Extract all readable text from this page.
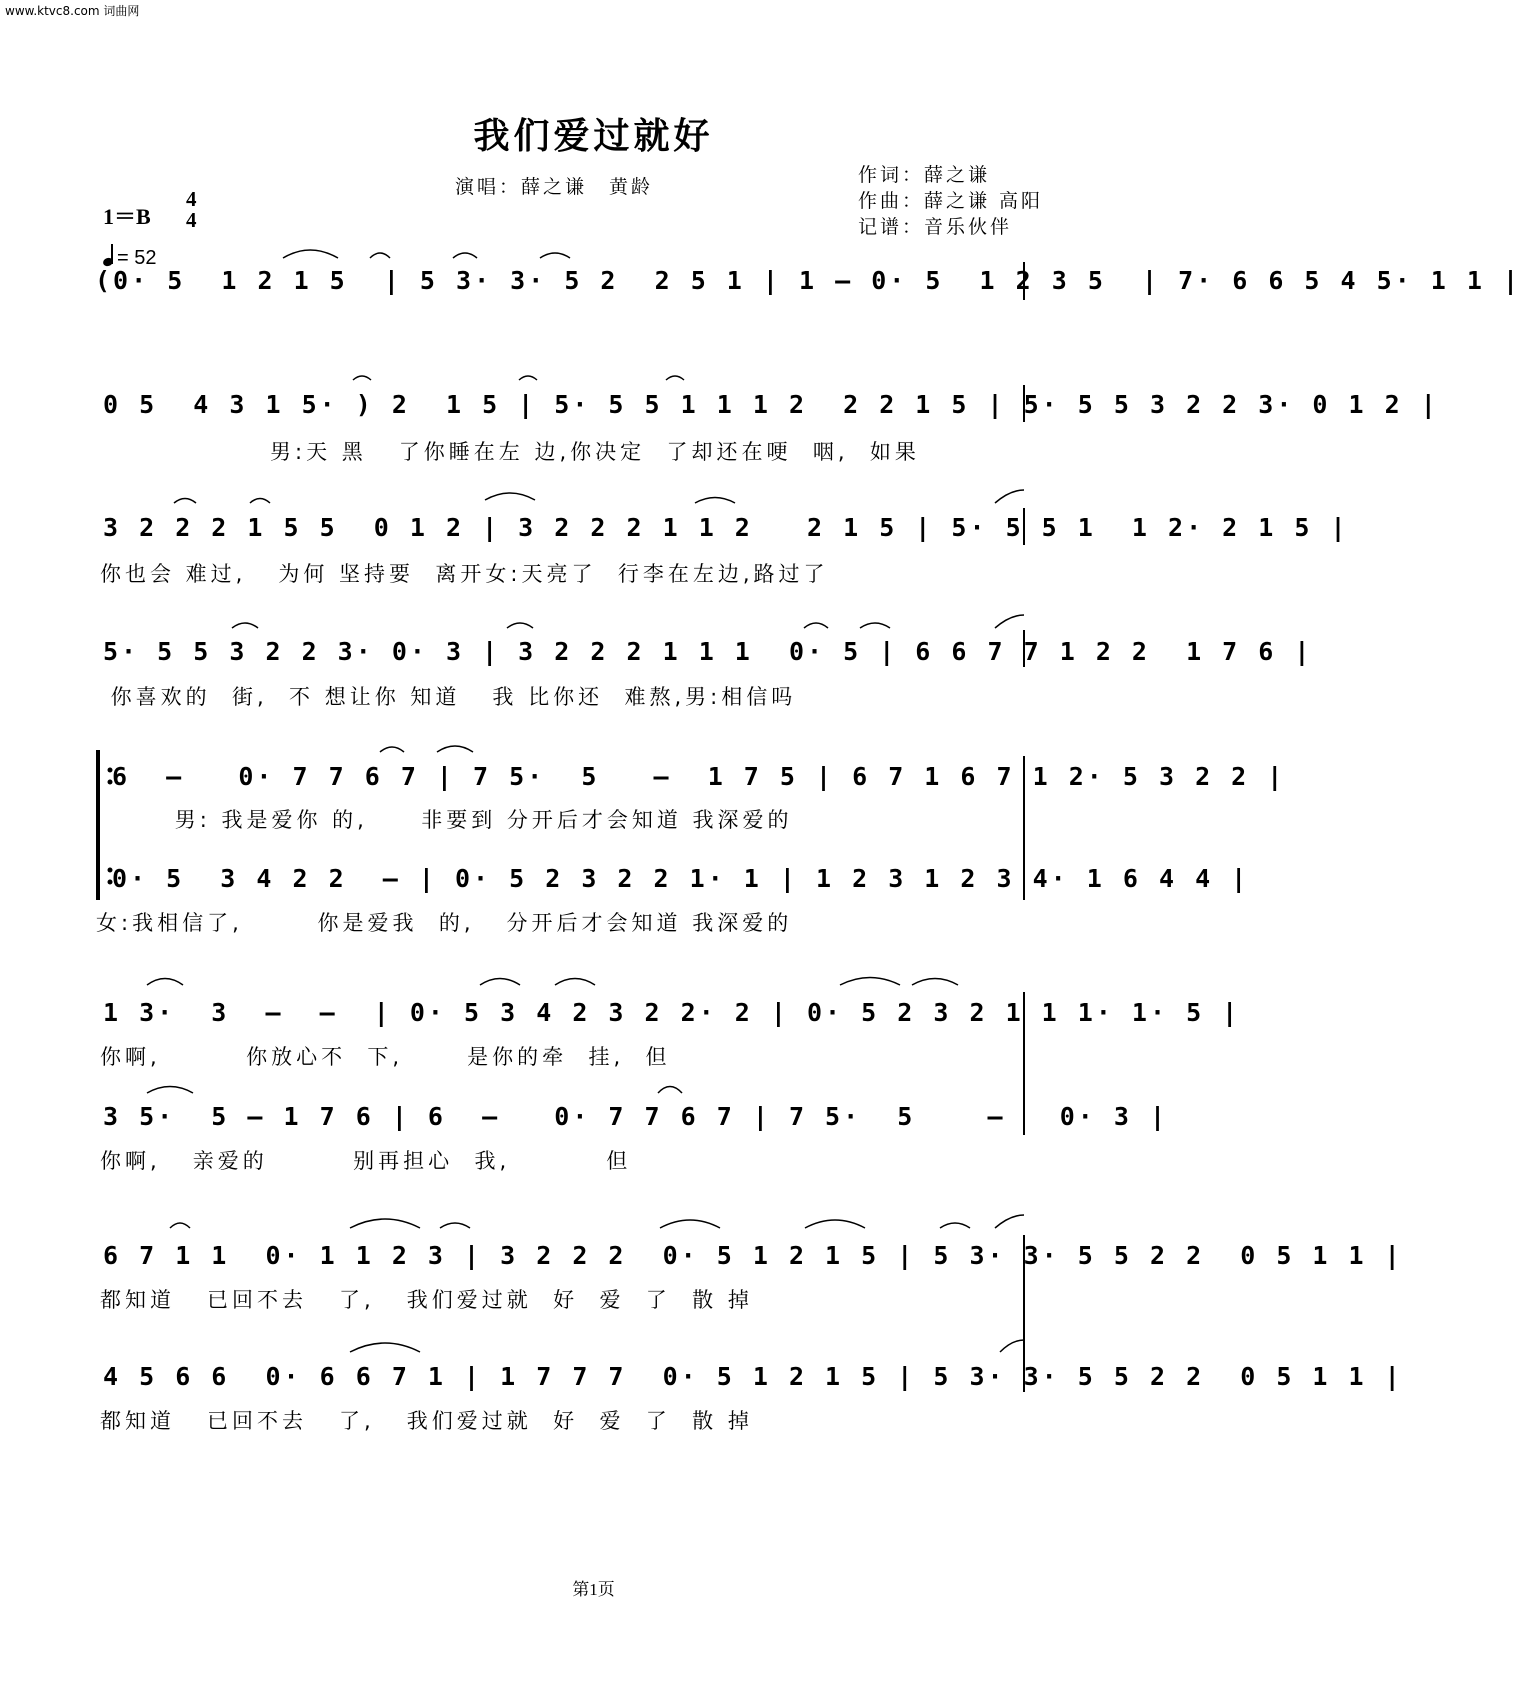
www.ktvc8.com 词曲网
我们爱过就好
演唱：薛之谦　黄龄
作词：薛之谦
作曲：薛之谦 高阳
记谱：音乐伙伴
1＝B
4
4
= 52
(0· 5  1 2 1 5  | 5 3· 3· 5 2  2 5 1 | 1 – 0· 5  1 2 3 5  | 7· 6 6 5 4 5· 1 1 |
0 5  4 3 1 5· ) 2  1 5 | 5· 5 5 1 1 1 2  2 2 1 5 | 5· 5 5 3 2 2 3· 0 1 2 |
男:天 黑   了你睡在左 边,你决定  了却还在哽  咽,  如果
3 2 2 2 1 5 5  0 1 2 | 3 2 2 2 1 1 2   2 1 5 | 5· 5 5 1  1 2· 2 1 5 |
你也会 难过,   为何 坚持要  离开女:天亮了  行李在左边,路过了
5· 5 5 3 2 2 3· 0· 3 | 3 2 2 2 1 1 1  0· 5 | 6 6 7 7 1 2 2  1 7 6 |
你喜欢的  街,  不 想让你 知道   我 比你还  难熬,男:相信吗
6  –   0· 7 7 6 7 | 7 5·  5   –  1 7 5 | 6 7 1 6 7 1 2· 5 3 2 2 |
男: 我是爱你 的,     非要到 分开后才会知道 我深爱的
0· 5  3 4 2 2  – | 0· 5 2 3 2 2 1· 1 | 1 2 3 1 2 3 4· 1 6 4 4 |
女:我相信了,       你是爱我  的,   分开后才会知道 我深爱的
1 3·  3  –  –  | 0· 5 3 4 2 3 2 2· 2 | 0· 5 2 3 2 1 1 1· 1· 5 |
你啊,        你放心不  下,      是你的牵  挂,  但
3 5·  5 – 1 7 6 | 6  –   0· 7 7 6 7 | 7 5·  5    –   0· 3 |
你啊,   亲爱的        别再担心  我,         但
6 7 1 1  0· 1 1 2 3 | 3 2 2 2  0· 5 1 2 1 5 | 5 3· 3· 5 5 2 2  0 5 1 1 |
都知道   已回不去   了,   我们爱过就  好  爱  了  散 掉
4 5 6 6  0· 6 6 7 1 | 1 7 7 7  0· 5 1 2 1 5 | 5 3· 3· 5 5 2 2  0 5 1 1 |
都知道   已回不去   了,   我们爱过就  好  爱  了  散 掉
第1页
